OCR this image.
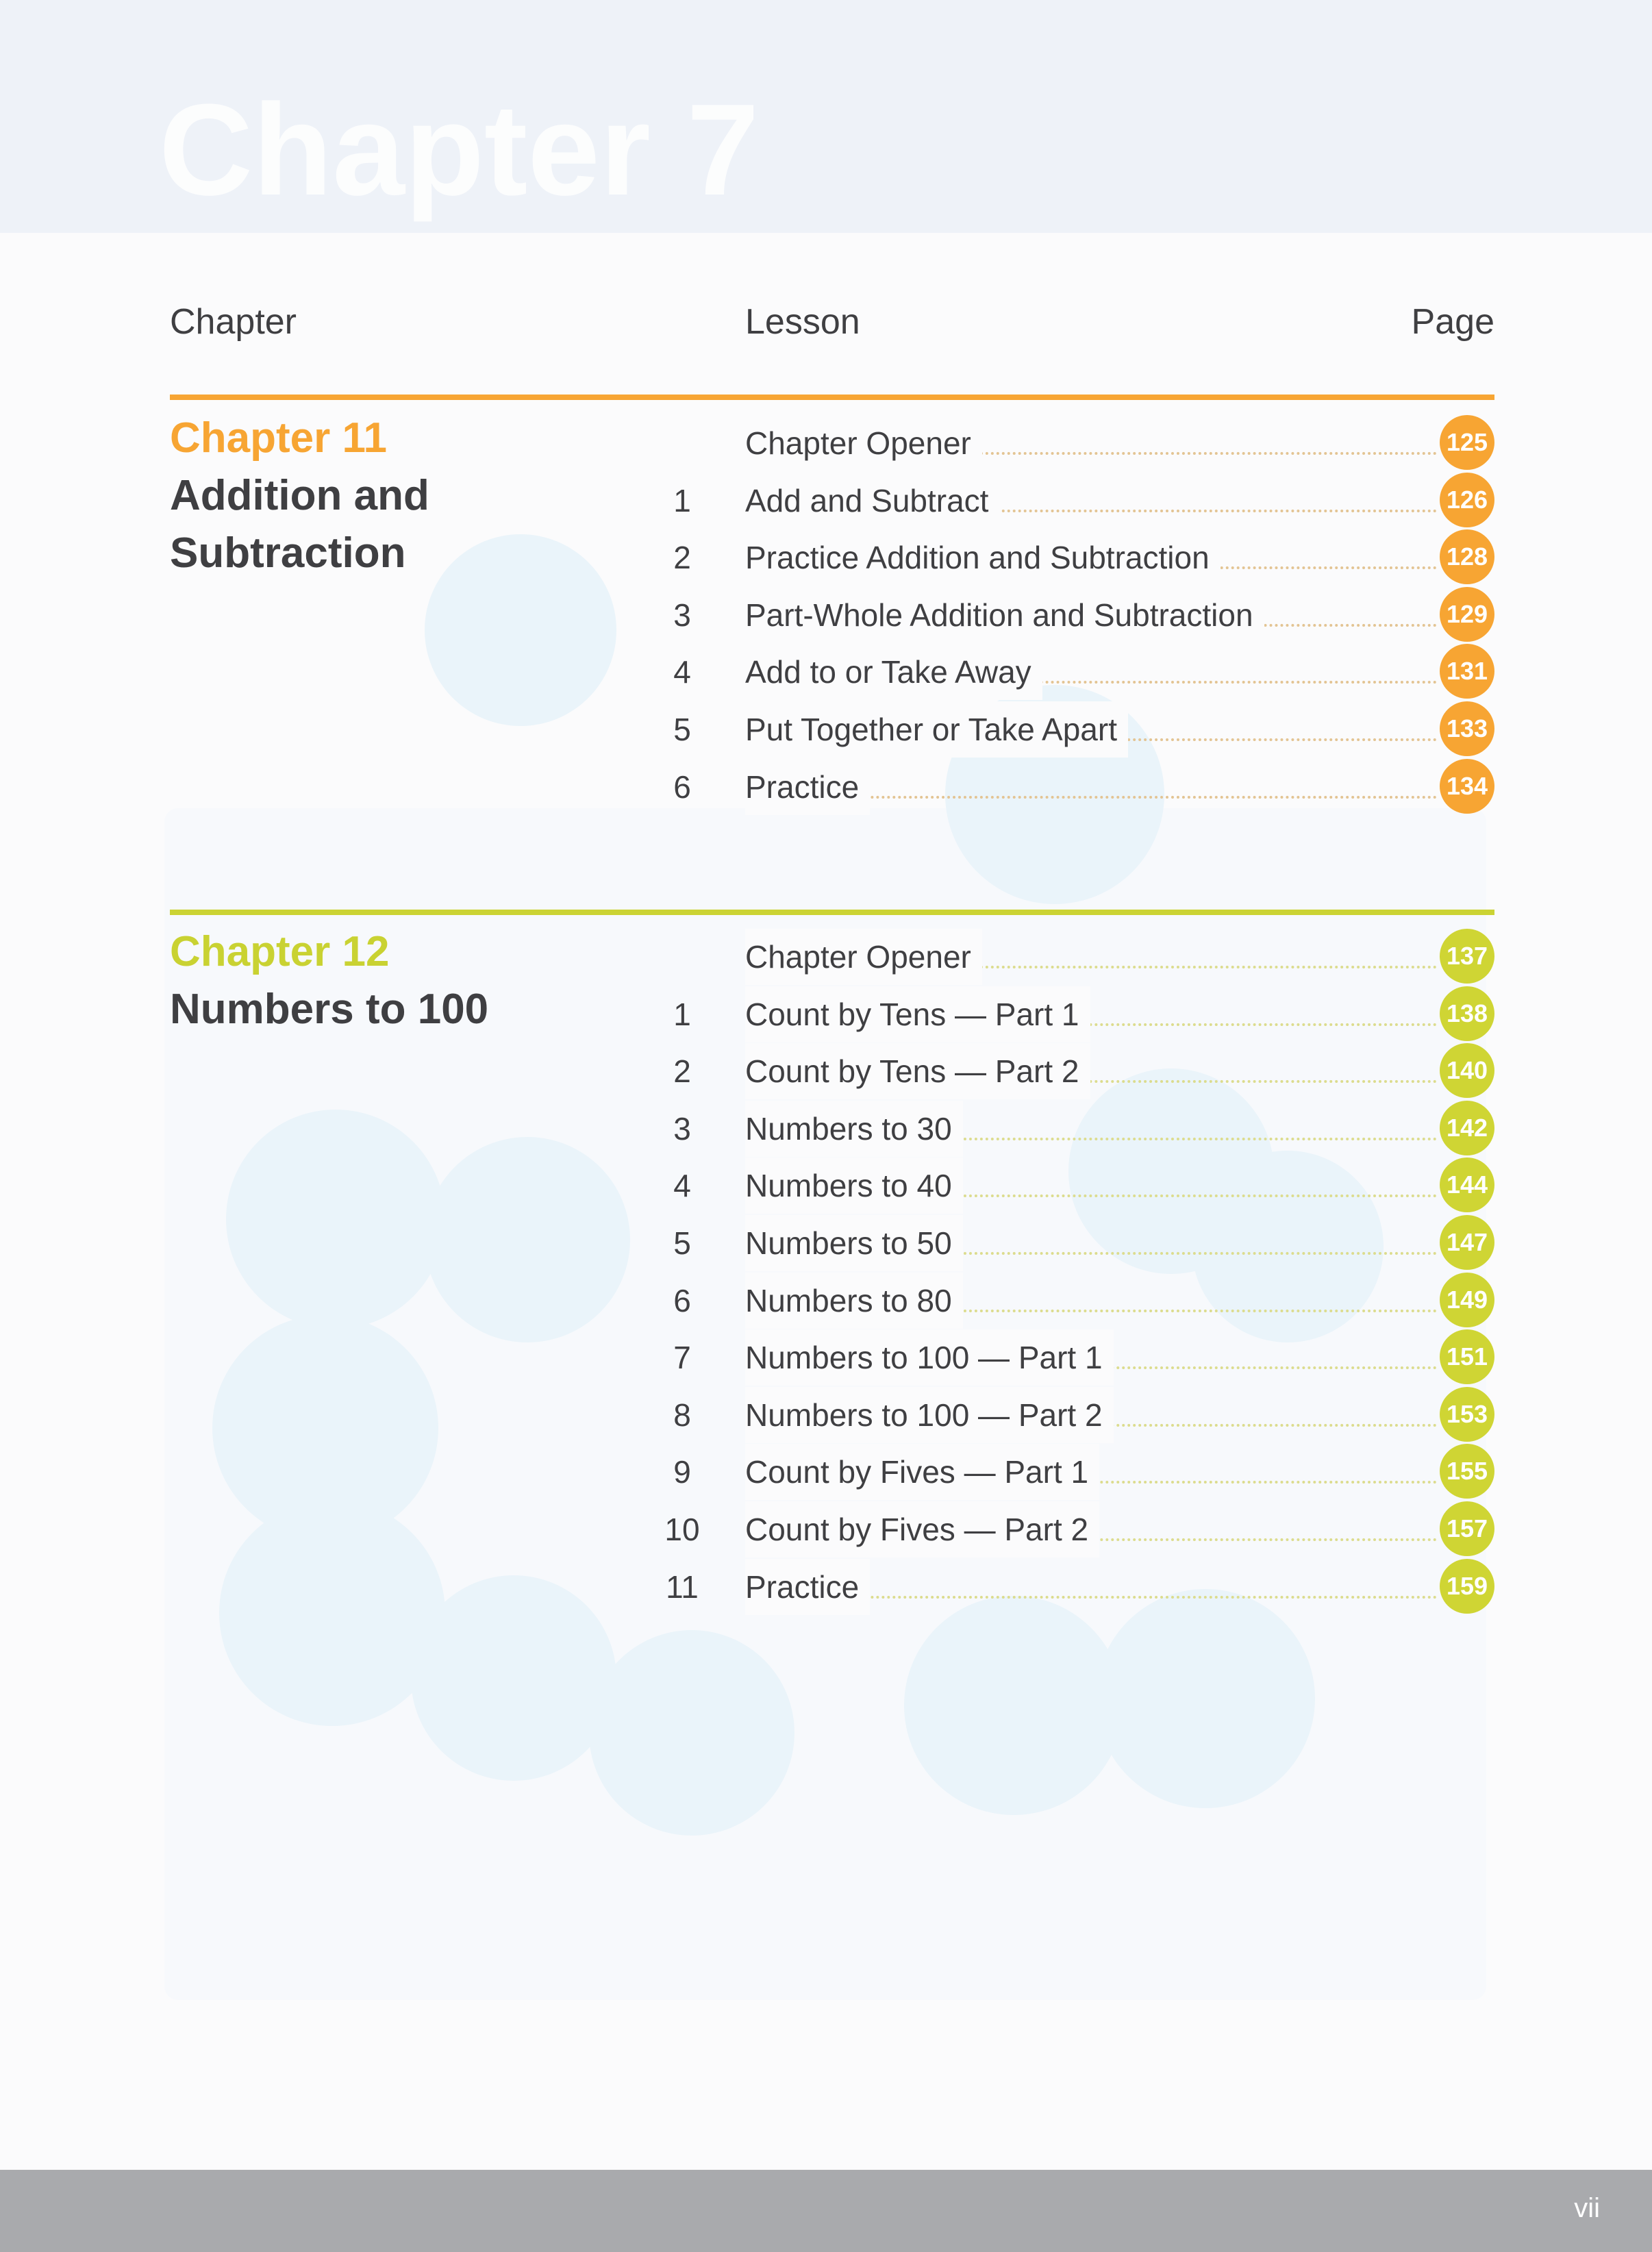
Chapter 7
Chapter	Lesson	Page
Chapter 11
Addition and
Subtraction
Chapter Opener	125
1	Add and Subtract	126
2	Practice Addition and Subtraction	128
3	Part-Whole Addition and Subtraction	129
4	Add to or Take Away	131
5	Put Together or Take Apart	133
6	Practice	134
Chapter 12
Numbers to 100
Chapter Opener	137
1	Count by Tens — Part 1	138
2	Count by Tens — Part 2	140
3	Numbers to 30	142
4	Numbers to 40	144
5	Numbers to 50	147
6	Numbers to 80	149
7	Numbers to 100 — Part 1	151
8	Numbers to 100 — Part 2	153
9	Count by Fives — Part 1	155
10 Count by Fives — Part 2	157
11 Practice	159
vii
